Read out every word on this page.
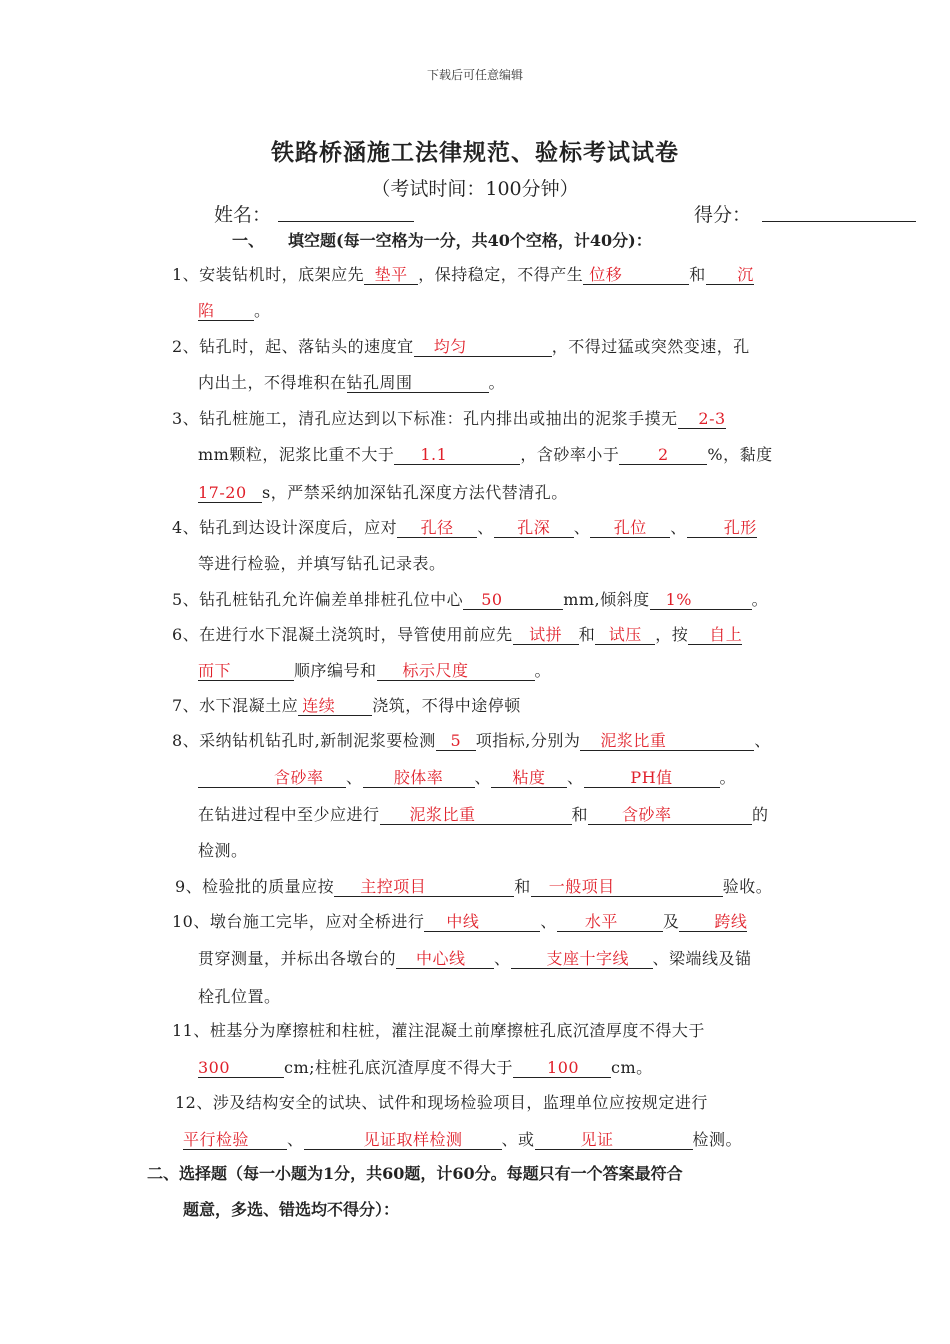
下载后可任意编辑
铁路桥涵施工法律规范、验标考试试卷
（考试时间：100分钟）
姓名：	得分：
一、 填空题(每一空格为一分，共40个空格，计40分)：
1、安装钻机时，底架应先 垫平 ，保持稳定，不得产生 位移	和 沉
陷 。
2、钻孔时，起、落钻头的速度宜 均匀	，不得过猛或突然变速，孔
内出土，不得堆积在钻孔周围	。
3、钻孔桩施工，清孔应达到以下标准：孔内排出或抽出的泥浆手摸无 2-3
mm颗粒，泥浆比重不大于 1.1	，含砂率小于 2 %，黏度
17-20 s，严禁采纳加深钻孔深度方法代替清孔。
4、钻孔到达设计深度后，应对 孔径 、 孔深 、 孔位 、 孔形
等进行检验，并填写钻孔记录表。
5、钻孔桩钻孔允许偏差单排桩孔位中心 50	mm,倾斜度 1%	。
6、在进行水下混凝土浇筑时，导管使用前应先 试拼 和 试压 ，按 自上
而下	顺序编号和 标示尺度	。
7、水下混凝土应 连续 浇筑，不得中途停顿
8、采纳钻机钻孔时,新制泥浆要检测 5 项指标,分别为 泥浆比重	、
含砂率 、 胶体率 、 粘度 、	PH值	。
在钻进过程中至少应进行 泥浆比重	和 含砂率	的
检测。
9、检验批的质量应按 主控项目	和 一般项目	验收。
10、墩台施工完毕，应对全桥进行 中线	、 水平	及 跨线
贯穿测量，并标出各墩台的 中心线 、 支座十字线 、梁端线及锚
栓孔位置。
11、桩基分为摩擦桩和柱桩，灌注混凝土前摩擦桩孔底沉渣厚度不得大于
300	cm;柱桩孔底沉渣厚度不得大于 100 cm。
12、涉及结构安全的试块、试件和现场检验项目，监理单位应按规定进行
平行检验 、	见证取样检测 、或	见证	检测。
二、选择题（每一小题为1分，共60题，计60分。每题只有一个答案最符合
题意，多选、错选均不得分）：
